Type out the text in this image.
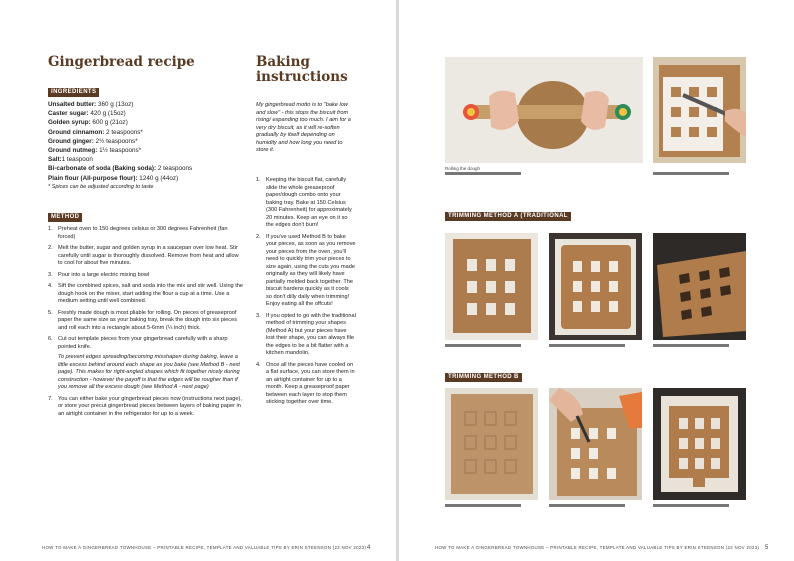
Gingerbread recipe
INGREDIENTS
Unsalted butter: 360 g (13oz)
Caster sugar: 420 g (15oz)
Golden syrup: 600 g (21oz)
Ground cinnamon: 2 teaspoons*
Ground ginger: 2½ teaspoons*
Ground nutmeg: 1½ teaspoons*
Salt:1 teaspoon
Bi-carbonate of soda (Baking soda): 2 teaspoons
Plain flour (All-purpose flour): 1240 g (44oz)
* Spices can be adjusted according to taste
METHOD
1. Preheat oven to 150 degrees celsius or 300 degrees Fahrenheit (fan forced)
2. Melt the butter, sugar and golden syrup in a saucepan over low heat. Stir carefully until sugar is thoroughly dissolved. Remove from heat and allow to cool for about five minutes.
3. Pour into a large electric mixing bowl
4. Sift the combined spices, salt and soda into the mix and stir well. Using the dough hook on the mixer, start adding the flour a cup at a time. Use a medium setting until well combined.
5. Freshly made dough is most pliable for rolling. On pieces of greaseproof paper the same size as your baking tray, break the dough into six pieces and roll each into a rectangle about 5-6mm (¼ inch) thick.
6. Cut out template pieces from your gingerbread carefully with a sharp pointed knife.
To prevent edges spreading/becoming misshapen during baking, leave a little excess behind around each shape as you bake (see Method B - next page). This makes for right-angled shapes which fit together nicely during construction - however the payoff is that the edges will be rougher than if you remove all the excess dough (see Method A - next page)
7. You can either bake your gingerbread pieces now (instructions next page), or store your precut gingerbread pieces between layers of baking paper in an airtight container in the refrigerator for up to a week.
Baking
instructions
My gingerbread motto is to "bake low and slow" - this stops the biscuit from rising/ expanding too much. I aim for a very dry biscuit, as it will re-soften gradually by itself depending on humidity and how long you need to store it.
1. Keeping the biscuit flat, carefully slide the whole greaseproof paper/dough combo onto your baking tray. Bake at 150 Celsius (300 Fahrenheit) for approximately 20 minutes. Keep an eye on it so the edges don't burn!
2. If you've used Method B to bake your pieces, as soon as you remove your pieces from the oven, you'll need to quickly trim your pieces to size again, using the cuts you made originally as they will likely have partially melded back together. The biscuit hardens quickly as it cools so don't dilly dally when trimming! Enjoy eating all the offcuts!
3. If you opted to go with the traditional method of trimming your shapes (Method A) but your pieces have lost their shape, you can always file the edges to be a bit flatter with a kitchen mandolin.
4. Once all the pieces have cooled on a flat surface, you can store them in an airtight container for up to a month. Keep a greaseproof paper between each layer to stop them sticking together over time.
HOW TO MAKE A GINGERBREAD TOWNHOUSE – PRINTABLE RECIPE, TEMPLATE AND VALUABLE TIPS BY ERIN STEENSON (22 NOV 2023) 4
Rolling the dough
TRIMMING METHOD A (TRADITIONAL
TRIMMING METHOD B
HOW TO MAKE A GINGERBREAD TOWNHOUSE – PRINTABLE RECIPE, TEMPLATE AND VALUABLE TIPS BY ERIN STEENSON (22 NOV 2023) 5
